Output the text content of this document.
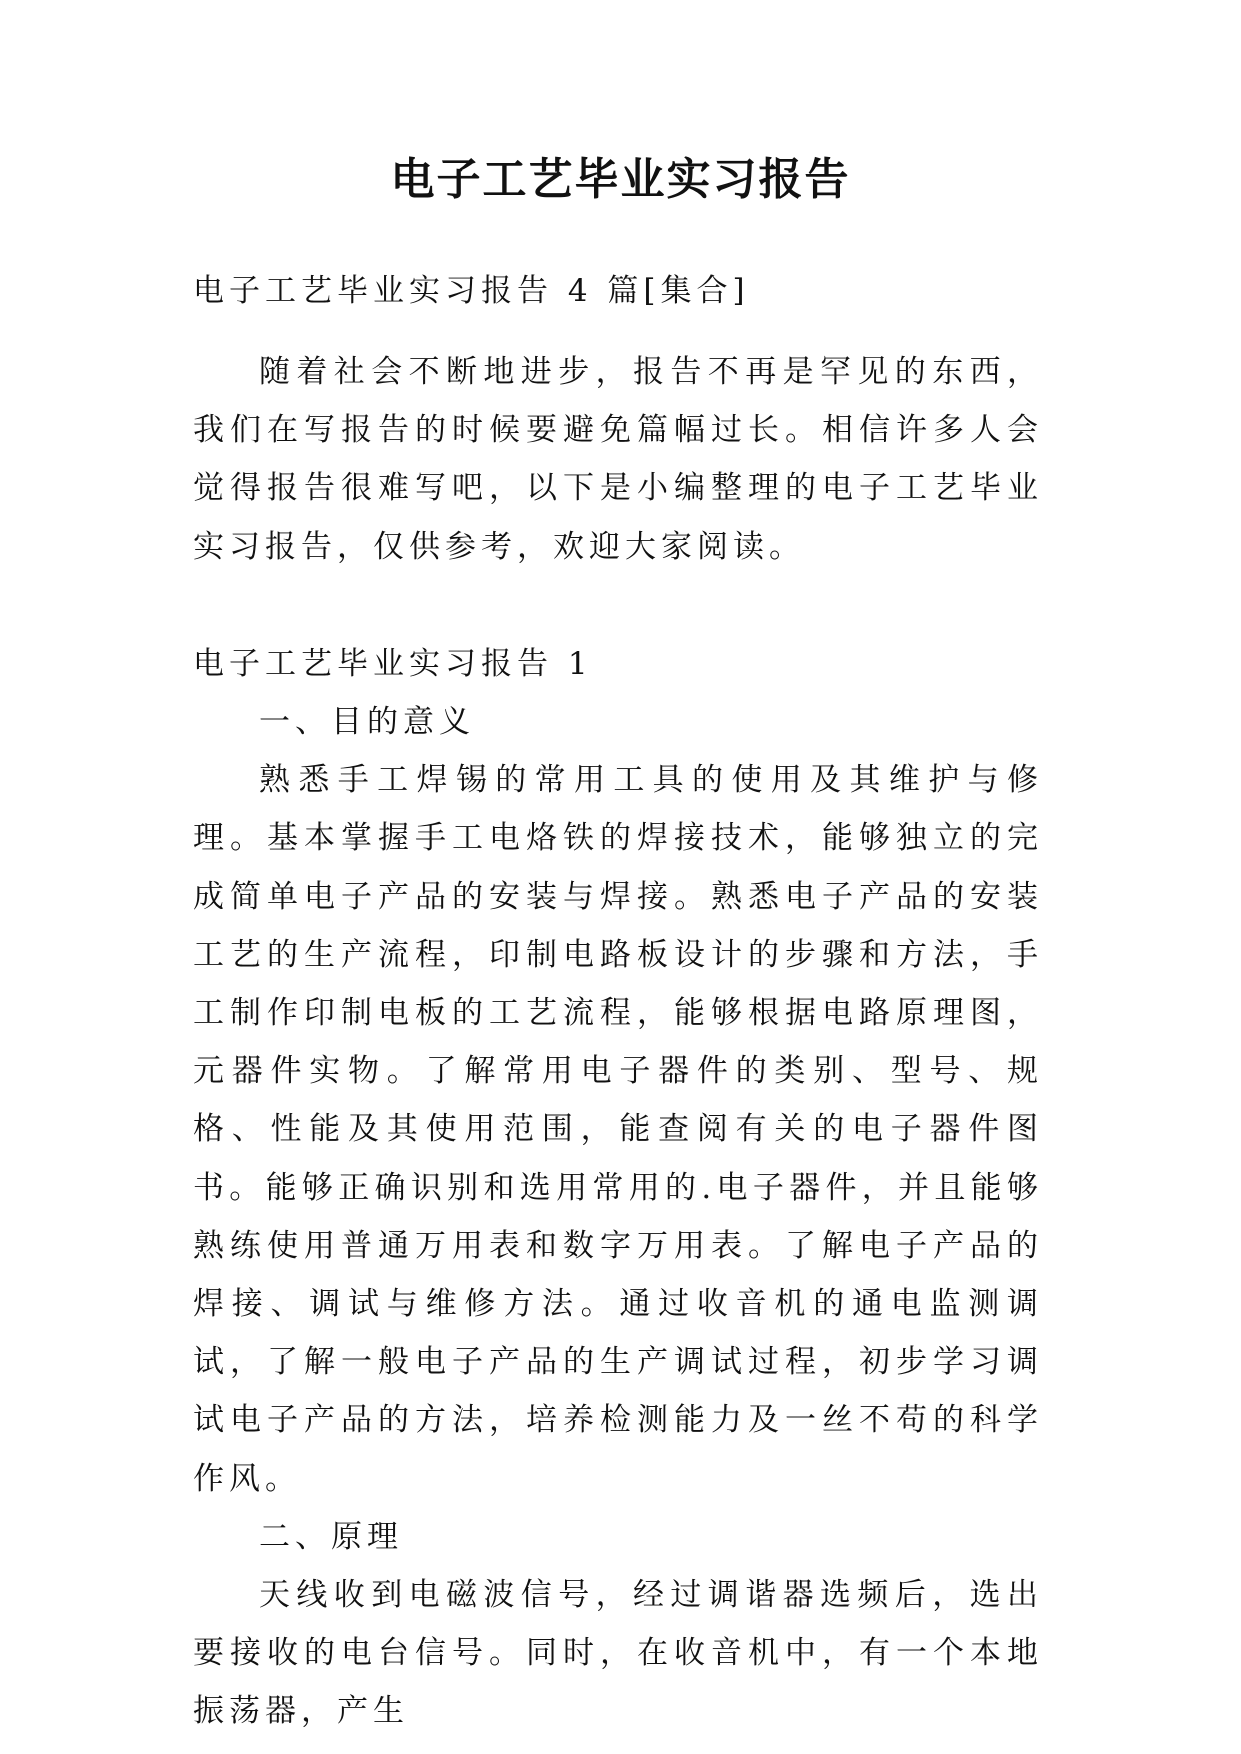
电子工艺毕业实习报告
电子工艺毕业实习报告 4 篇[集合]

随着社会不断地进步，报告不再是罕见的东西，我们在写报告的时候要避免篇幅过长。相信许多人会觉得报告很难写吧，以下是小编整理的电子工艺毕业实习报告，仅供参考，欢迎大家阅读。

电子工艺毕业实习报告 1

一、目的意义

熟悉手工焊锡的常用工具的使用及其维护与修理。基本掌握手工电烙铁的焊接技术，能够独立的完成简单电子产品的安装与焊接。熟悉电子产品的安装工艺的生产流程，印制电路板设计的步骤和方法，手工制作印制电板的工艺流程，能够根据电路原理图，元器件实物。了解常用电子器件的类别、型号、规格、性能及其使用范围，能查阅有关的电子器件图书。能够正确识别和选用常用的.电子器件，并且能够熟练使用普通万用表和数字万用表。了解电子产品的焊接、调试与维修方法。通过收音机的通电监测调试，了解一般电子产品的生产调试过程，初步学习调试电子产品的方法，培养检测能力及一丝不苟的科学作风。

二、原理

天线收到电磁波信号，经过调谐器选频后，选出要接收的电台信号。同时，在收音机中，有一个本地振荡器，产生
